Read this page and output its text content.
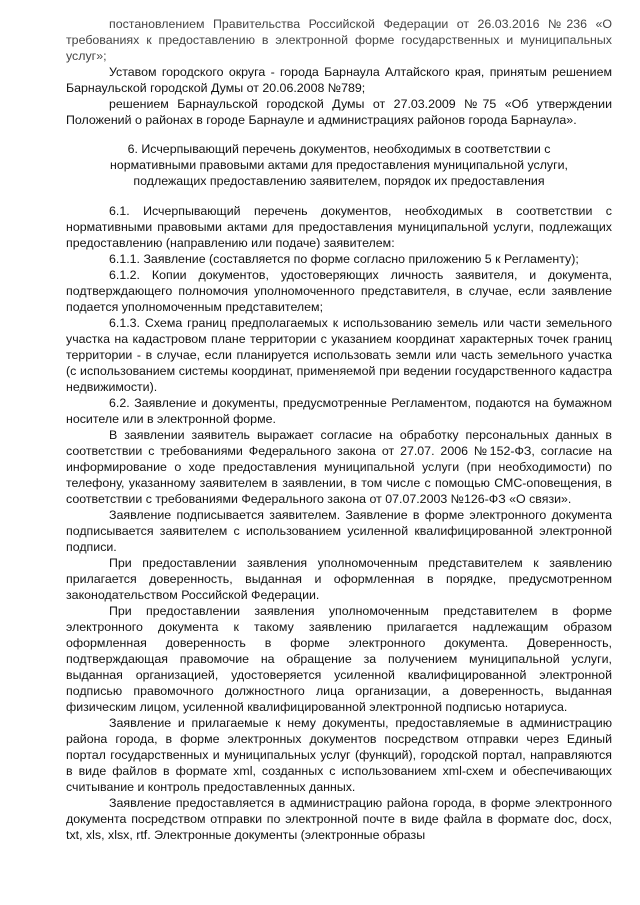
постановлением Правительства Российской Федерации от 26.03.2016 №236 «О требованиях к предоставлению в электронной форме государственных и муниципальных услуг»;

Уставом городского округа - города Барнаула Алтайского края, принятым решением Барнаульской городской Думы от 20.06.2008 №789;

решением Барнаульской городской Думы от 27.03.2009 №75 «Об утверждении Положений о районах в городе Барнауле и администрациях районов города Барнаула».

6. Исчерпывающий перечень документов, необходимых в соответствии с

нормативными правовыми актами для предоставления муниципальной услуги,

подлежащих предоставлению заявителем, порядок их предоставления

6.1. Исчерпывающий перечень документов, необходимых в соответствии с нормативными правовыми актами для предоставления муниципальной услуги, подлежащих предоставлению (направлению или подаче) заявителем:

6.1.1. Заявление (составляется по форме согласно приложению 5 к Регламенту);

6.1.2. Копии документов, удостоверяющих личность заявителя, и документа, подтверждающего полномочия уполномоченного представителя, в случае, если заявление подается уполномоченным представителем;

6.1.3. Схема границ предполагаемых к использованию земель или части земельного участка на кадастровом плане территории с указанием координат характерных точек границ территории - в случае, если планируется использовать земли или часть земельного участка (с использованием системы координат, применяемой при ведении государственного кадастра недвижимости).

6.2. Заявление и документы, предусмотренные Регламентом, подаются на бумажном носителе или в электронной форме.

В заявлении заявитель выражает согласие на обработку персональных данных в соответствии с требованиями Федерального закона от 27.07. 2006 №152-ФЗ, согласие на информирование о ходе предоставления муниципальной услуги (при необходимости) по телефону, указанному заявителем в заявлении, в том числе с помощью СМС-оповещения, в соответствии с требованиями Федерального закона от 07.07.2003 №126-ФЗ «О связи».

Заявление подписывается заявителем. Заявление в форме электронного документа подписывается заявителем с использованием усиленной квалифицированной электронной подписи.

При предоставлении заявления уполномоченным представителем к заявлению прилагается доверенность, выданная и оформленная в порядке, предусмотренном законодательством Российской Федерации.

При предоставлении заявления уполномоченным представителем в форме электронного документа к такому заявлению прилагается надлежащим образом оформленная доверенность в форме электронного документа. Доверенность, подтверждающая правомочие на обращение за получением муниципальной услуги, выданная организацией, удостоверяется усиленной квалифицированной электронной подписью правомочного должностного лица организации, а доверенность, выданная физическим лицом, усиленной квалифицированной электронной подписью нотариуса.

Заявление и прилагаемые к нему документы, предоставляемые в администрацию района города, в форме электронных документов посредством отправки через Единый портал государственных и муниципальных услуг (функций), городской портал, направляются в виде файлов в формате xml, созданных с использованием xml-схем и обеспечивающих считывание и контроль предоставленных данных.

Заявление предоставляется в администрацию района города, в форме электронного документа посредством отправки по электронной почте в виде файла в формате doc, docx, txt, xls, xlsx, rtf. Электронные документы (электронные образы
